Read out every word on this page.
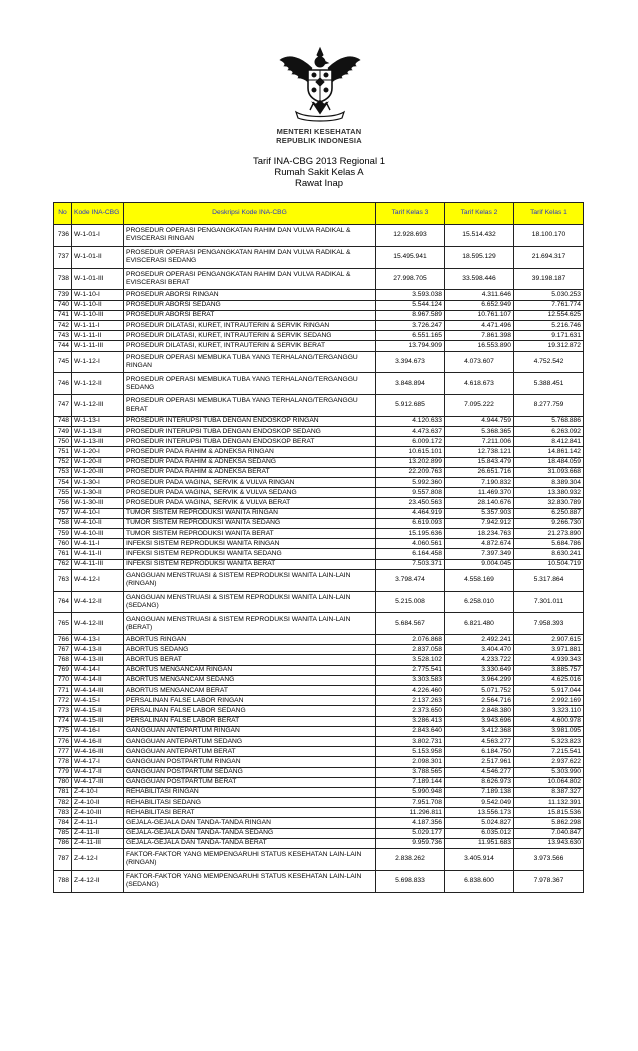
MENTERI KESEHATAN
REPUBLIK INDONESIA
Tarif INA-CBG 2013 Regional 1
Rumah Sakit Kelas A
Rawat Inap
No	Kode INA-CBG	Deskripsi Kode INA-CBG	Tarif Kelas 3	Tarif Kelas 2	Tarif Kelas 1
736	W-1-01-I	PROSEDUR OPERASI PENGANGKATAN RAHIM DAN VULVA RADIKAL & EVISCERASI RINGAN	12.928.693	15.514.432	18.100.170
737	W-1-01-II	PROSEDUR OPERASI PENGANGKATAN RAHIM DAN VULVA RADIKAL & EVISCERASI SEDANG	15.495.941	18.595.129	21.694.317
738	W-1-01-III	PROSEDUR OPERASI PENGANGKATAN RAHIM DAN VULVA RADIKAL & EVISCERASI BERAT	27.998.705	33.598.446	39.198.187
739	W-1-10-I	PROSEDUR ABORSI RINGAN	3.593.038	4.311.646	5.030.253
740	W-1-10-II	PROSEDUR ABORSI SEDANG	5.544.124	6.652.949	7.761.774
741	W-1-10-III	PROSEDUR ABORSI BERAT	8.967.589	10.761.107	12.554.625
742	W-1-11-I	PROSEDUR DILATASI, KURET, INTRAUTERIN & SERVIK RINGAN	3.726.247	4.471.496	5.216.746
743	W-1-11-II	PROSEDUR DILATASI, KURET, INTRAUTERIN & SERVIK SEDANG	6.551.165	7.861.398	9.171.631
744	W-1-11-III	PROSEDUR DILATASI, KURET, INTRAUTERIN & SERVIK BERAT	13.794.909	16.553.890	19.312.872
745	W-1-12-I	PROSEDUR OPERASI MEMBUKA TUBA YANG TERHALANG/TERGANGGU RINGAN	3.394.673	4.073.607	4.752.542
746	W-1-12-II	PROSEDUR OPERASI MEMBUKA TUBA YANG TERHALANG/TERGANGGU SEDANG	3.848.894	4.618.673	5.388.451
747	W-1-12-III	PROSEDUR OPERASI MEMBUKA TUBA YANG TERHALANG/TERGANGGU BERAT	5.912.685	7.095.222	8.277.759
748	W-1-13-I	PROSEDUR INTERUPSI TUBA DENGAN ENDOSKOP RINGAN	4.120.633	4.944.759	5.768.886
749	W-1-13-II	PROSEDUR INTERUPSI TUBA DENGAN ENDOSKOP SEDANG	4.473.637	5.368.365	6.263.092
750	W-1-13-III	PROSEDUR INTERUPSI TUBA DENGAN ENDOSKOP BERAT	6.009.172	7.211.006	8.412.841
751	W-1-20-I	PROSEDUR PADA RAHIM & ADNEKSA RINGAN	10.615.101	12.738.121	14.861.142
752	W-1-20-II	PROSEDUR PADA RAHIM & ADNEKSA SEDANG	13.202.899	15.843.479	18.484.059
753	W-1-20-III	PROSEDUR PADA RAHIM & ADNEKSA BERAT	22.209.763	26.651.716	31.093.668
754	W-1-30-I	PROSEDUR PADA VAGINA, SERVIK & VULVA RINGAN	5.992.360	7.190.832	8.389.304
755	W-1-30-II	PROSEDUR PADA VAGINA, SERVIK & VULVA SEDANG	9.557.808	11.469.370	13.380.932
756	W-1-30-III	PROSEDUR PADA VAGINA, SERVIK & VULVA BERAT	23.450.563	28.140.676	32.830.789
757	W-4-10-I	TUMOR SISTEM REPRODUKSI WANITA RINGAN	4.464.919	5.357.903	6.250.887
758	W-4-10-II	TUMOR SISTEM REPRODUKSI WANITA SEDANG	6.619.093	7.942.912	9.266.730
759	W-4-10-III	TUMOR SISTEM REPRODUKSI WANITA BERAT	15.195.636	18.234.763	21.273.890
760	W-4-11-I	INFEKSI SISTEM REPRODUKSI WANITA RINGAN	4.060.561	4.872.674	5.684.786
761	W-4-11-II	INFEKSI SISTEM REPRODUKSI WANITA SEDANG	6.164.458	7.397.349	8.630.241
762	W-4-11-III	INFEKSI SISTEM REPRODUKSI WANITA BERAT	7.503.371	9.004.045	10.504.719
763	W-4-12-I	GANGGUAN MENSTRUASI & SISTEM REPRODUKSI WANITA LAIN-LAIN (RINGAN)	3.798.474	4.558.169	5.317.864
764	W-4-12-II	GANGGUAN MENSTRUASI & SISTEM REPRODUKSI WANITA LAIN-LAIN (SEDANG)	5.215.008	6.258.010	7.301.011
765	W-4-12-III	GANGGUAN MENSTRUASI & SISTEM REPRODUKSI WANITA LAIN-LAIN (BERAT)	5.684.567	6.821.480	7.958.393
766	W-4-13-I	ABORTUS RINGAN	2.076.868	2.492.241	2.907.615
767	W-4-13-II	ABORTUS SEDANG	2.837.058	3.404.470	3.971.881
768	W-4-13-III	ABORTUS BERAT	3.528.102	4.233.722	4.939.343
769	W-4-14-I	ABORTUS MENGANCAM RINGAN	2.775.541	3.330.649	3.885.757
770	W-4-14-II	ABORTUS MENGANCAM SEDANG	3.303.583	3.964.299	4.625.016
771	W-4-14-III	ABORTUS MENGANCAM BERAT	4.226.460	5.071.752	5.917.044
772	W-4-15-I	PERSALINAN FALSE LABOR RINGAN	2.137.263	2.564.716	2.992.169
773	W-4-15-II	PERSALINAN FALSE LABOR SEDANG	2.373.650	2.848.380	3.323.110
774	W-4-15-III	PERSALINAN FALSE LABOR BERAT	3.286.413	3.943.696	4.600.978
775	W-4-16-I	GANGGUAN ANTEPARTUM RINGAN	2.843.640	3.412.368	3.981.095
776	W-4-16-II	GANGGUAN ANTEPARTUM SEDANG	3.802.731	4.563.277	5.323.823
777	W-4-16-III	GANGGUAN ANTEPARTUM BERAT	5.153.958	6.184.750	7.215.541
778	W-4-17-I	GANGGUAN POSTPARTUM RINGAN	2.098.301	2.517.961	2.937.622
779	W-4-17-II	GANGGUAN POSTPARTUM SEDANG	3.788.565	4.546.277	5.303.990
780	W-4-17-III	GANGGUAN POSTPARTUM BERAT	7.189.144	8.626.973	10.064.802
781	Z-4-10-I	REHABILITASI RINGAN	5.990.948	7.189.138	8.387.327
782	Z-4-10-II	REHABILITASI SEDANG	7.951.708	9.542.049	11.132.391
783	Z-4-10-III	REHABILITASI BERAT	11.296.811	13.556.173	15.815.536
784	Z-4-11-I	GEJALA-GEJALA DAN TANDA-TANDA RINGAN	4.187.356	5.024.827	5.862.298
785	Z-4-11-II	GEJALA-GEJALA DAN TANDA-TANDA SEDANG	5.029.177	6.035.012	7.040.847
786	Z-4-11-III	GEJALA-GEJALA DAN TANDA-TANDA BERAT	9.959.736	11.951.683	13.943.630
787	Z-4-12-I	FAKTOR-FAKTOR YANG MEMPENGARUHI STATUS KESEHATAN LAIN-LAIN (RINGAN)	2.838.262	3.405.914	3.973.566
788	Z-4-12-II	FAKTOR-FAKTOR YANG MEMPENGARUHI STATUS KESEHATAN LAIN-LAIN (SEDANG)	5.698.833	6.838.600	7.978.367
